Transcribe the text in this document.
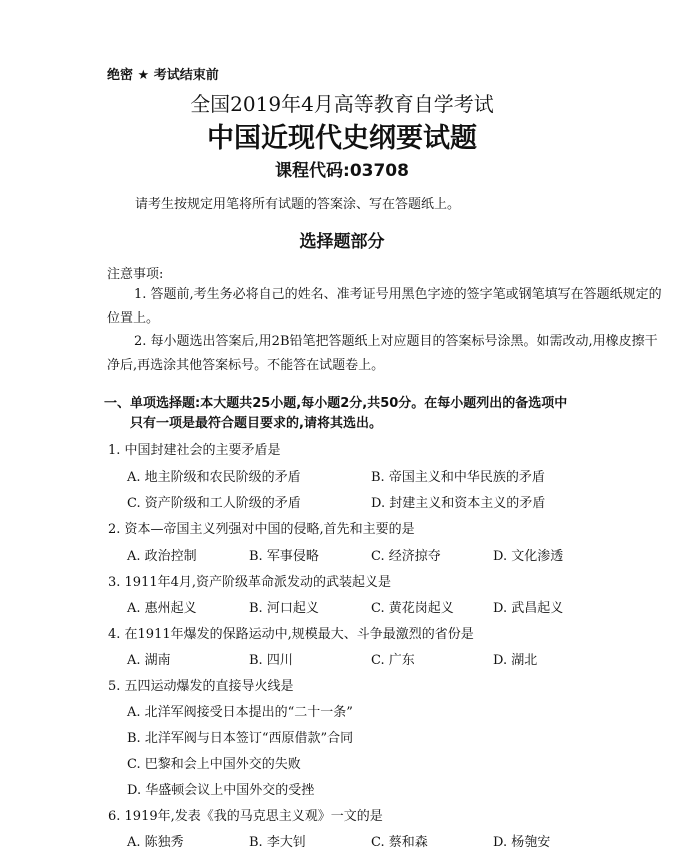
绝密 ★ 考试结束前
全国2019年4月高等教育自学考试
中国近现代史纲要试题
课程代码:03708
请考生按规定用笔将所有试题的答案涂、写在答题纸上。
选择题部分
注意事项:
1. 答题前,考生务必将自己的姓名、准考证号用黑色字迹的签字笔或钢笔填写在答题纸规定的位置上。
2. 每小题选出答案后,用2B铅笔把答题纸上对应题目的答案标号涂黑。如需改动,用橡皮擦干净后,再选涂其他答案标号。不能答在试题卷上。
一、单项选择题:本大题共25小题,每小题2分,共50分。在每小题列出的备选项中
只有一项是最符合题目要求的,请将其选出。
1. 中国封建社会的主要矛盾是
A. 地主阶级和农民阶级的矛盾	B. 帝国主义和中华民族的矛盾
C. 资产阶级和工人阶级的矛盾	D. 封建主义和资本主义的矛盾
2. 资本—帝国主义列强对中国的侵略,首先和主要的是
A. 政治控制	B. 军事侵略	C. 经济掠夺	D. 文化渗透
3. 1911年4月,资产阶级革命派发动的武装起义是
A. 惠州起义	B. 河口起义	C. 黄花岗起义	D. 武昌起义
4. 在1911年爆发的保路运动中,规模最大、斗争最激烈的省份是
A. 湖南	B. 四川	C. 广东	D. 湖北
5. 五四运动爆发的直接导火线是
A. 北洋军阀接受日本提出的“二十一条”
B. 北洋军阀与日本签订“西原借款”合同
C. 巴黎和会上中国外交的失败
D. 华盛顿会议上中国外交的受挫
6. 1919年,发表《我的马克思主义观》一文的是
A. 陈独秀	B. 李大钊	C. 蔡和森	D. 杨匏安
